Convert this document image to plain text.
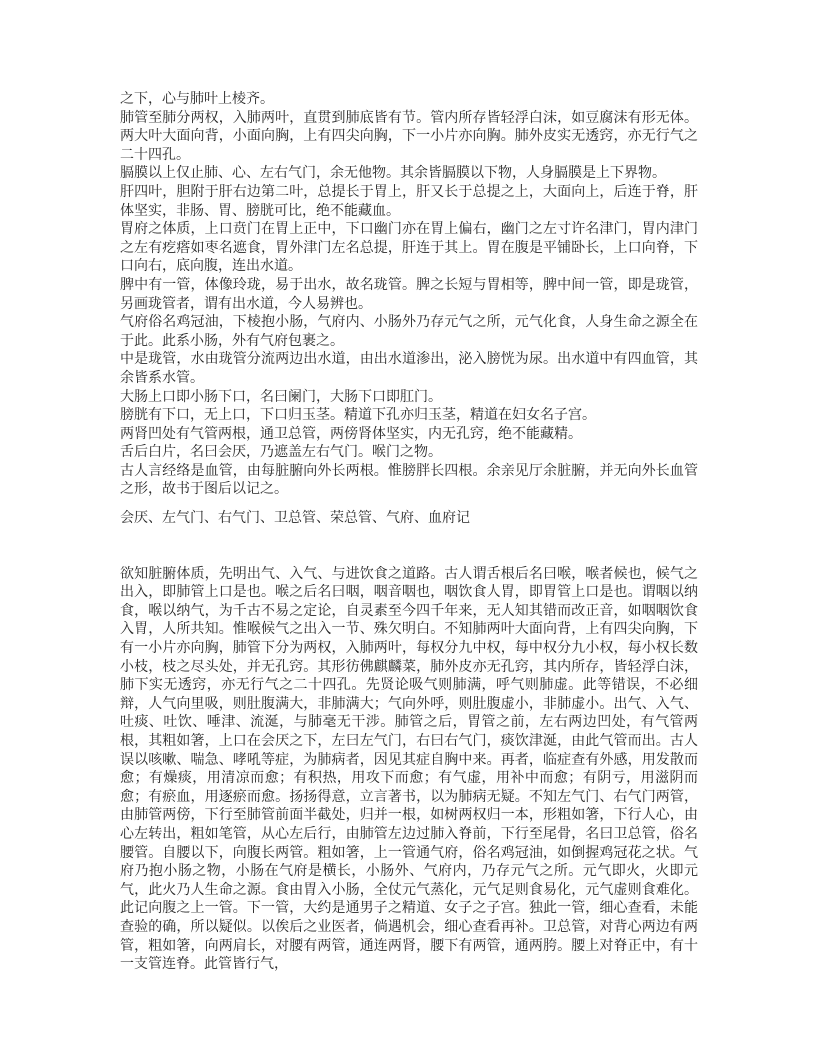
之下，心与肺叶上棱齐。

肺管至肺分两权，入肺两叶，直贯到肺底皆有节。管内所存皆轻浮白沫，如豆腐沫有形无体。两大叶大面向背，小面向胸，上有四尖向胸，下一小片亦向胸。肺外皮实无透窍，亦无行气之二十四孔。

膈膜以上仅止肺、心、左右气门，余无他物。其余皆膈膜以下物，人身膈膜是上下界物。

肝四叶，胆附于肝右边第二叶，总提长于胃上，肝又长于总提之上，大面向上，后连于脊，肝体坚实，非肠、胃、膀胱可比，绝不能藏血。

胃府之体质，上口贲门在胃上正中，下口幽门亦在胃上偏右，幽门之左寸许名津门，胃内津门之左有疙瘩如枣名遮食，胃外津门左名总提，肝连于其上。胃在腹是平铺卧长，上口向脊，下口向右，底向腹，连出水道。

脾中有一管，体像玲珑，易于出水，故名珑管。脾之长短与胃相等，脾中间一管，即是珑管，另画珑管者，谓有出水道，今人易辨也。

气府俗名鸡冠油，下棱抱小肠，气府内、小肠外乃存元气之所，元气化食，人身生命之源全在于此。此系小肠，外有气府包裹之。

中是珑管，水由珑管分流两边出水道，由出水道渗出，泌入膀恍为尿。出水道中有四血管，其余皆系水管。

大肠上口即小肠下口，名曰阑门，大肠下口即肛门。

膀胱有下口，无上口，下口归玉茎。精道下孔亦归玉茎，精道在妇女名子宫。

两肾凹处有气管两根，通卫总管，两傍肾体坚实，内无孔窍，绝不能藏精。

舌后白片，名曰会厌，乃遮盖左右气门。喉门之物。

古人言经络是血管，由每脏腑向外长两根。惟膀胖长四根。余亲见厅余脏腑，并无向外长血管之形，故书于图后以记之。

会厌、左气门、右气门、卫总管、荣总管、气府、血府记

欲知脏腑体质，先明出气、入气、与进饮食之道路。古人谓舌根后名曰喉，喉者候也，候气之出入，即肺管上口是也。喉之后名曰咽，咽音咽也，咽饮食人胃，即胃管上口是也。谓咽以纳食，喉以纳气，为千古不易之定论，自灵素至今四千年来，无人知其错而改正音，如咽咽饮食入胃，人所共知。惟喉候气之出入一节、殊欠明白。不知肺两叶大面向背，上有四尖向胸，下有一小片亦向胸，肺管下分为两权，入肺两叶，每权分九中权，每中权分九小权，每小权长数小枝，枝之尽头处，并无孔窍。其形彷佛麒麟菜，肺外皮亦无孔窍，其内所存，皆轻浮白沫，肺下实无透窍，亦无行气之二十四孔。先贤论吸气则肺满，呼气则肺虚。此等错误，不必细辩，人气向里吸，则肚腹满大，非肺满大；气向外呼，则肚腹虚小，非肺虚小。出气、入气、吐痰、吐饮、唾津、流涎，与肺毫无干涉。肺管之后，胃管之前，左右两边凹处，有气管两根，其粗如箸，上口在会厌之下，左曰左气门，右曰右气门，痰饮津涎，由此气管而出。古人误以咳嗽、喘急、哮吼等症，为肺病者，因见其症自胸中来。再者，临症查有外感，用发散而愈；有燥痰，用清凉而愈；有积热，用攻下而愈；有气虚，用补中而愈；有阴亏，用滋阴而愈；有瘀血，用逐瘀而愈。扬扬得意，立言著书，以为肺病无疑。不知左气门、右气门两管，由肺管两傍，下行至肺管前面半截处，归并一根，如树两权归一本，形粗如箸，下行人心，由心左转出，粗如笔管，从心左后行，由肺管左边过肺入脊前，下行至尾骨，名曰卫总管，俗名腰管。自腰以下，向腹长两管。粗如箸，上一管通气府，俗名鸡冠油，如倒握鸡冠花之状。气府乃抱小肠之物，小肠在气府是横长，小肠外、气府内，乃存元气之所。元气即火，火即元气，此火乃人生命之源。食由胃入小肠，全仗元气蒸化，元气足则食易化，元气虚则食难化。此记向腹之上一管。下一管，大约是通男子之精道、女子之子宫。独此一管，细心查看，未能查验的确，所以疑似。以俟后之业医者，倘遇机会，细心查看再补。卫总管，对背心两边有两管，粗如箸，向两肩长，对腰有两管，通连两肾，腰下有两管，通两胯。腰上对脊正中，有十一支管连脊。此管皆行气，
